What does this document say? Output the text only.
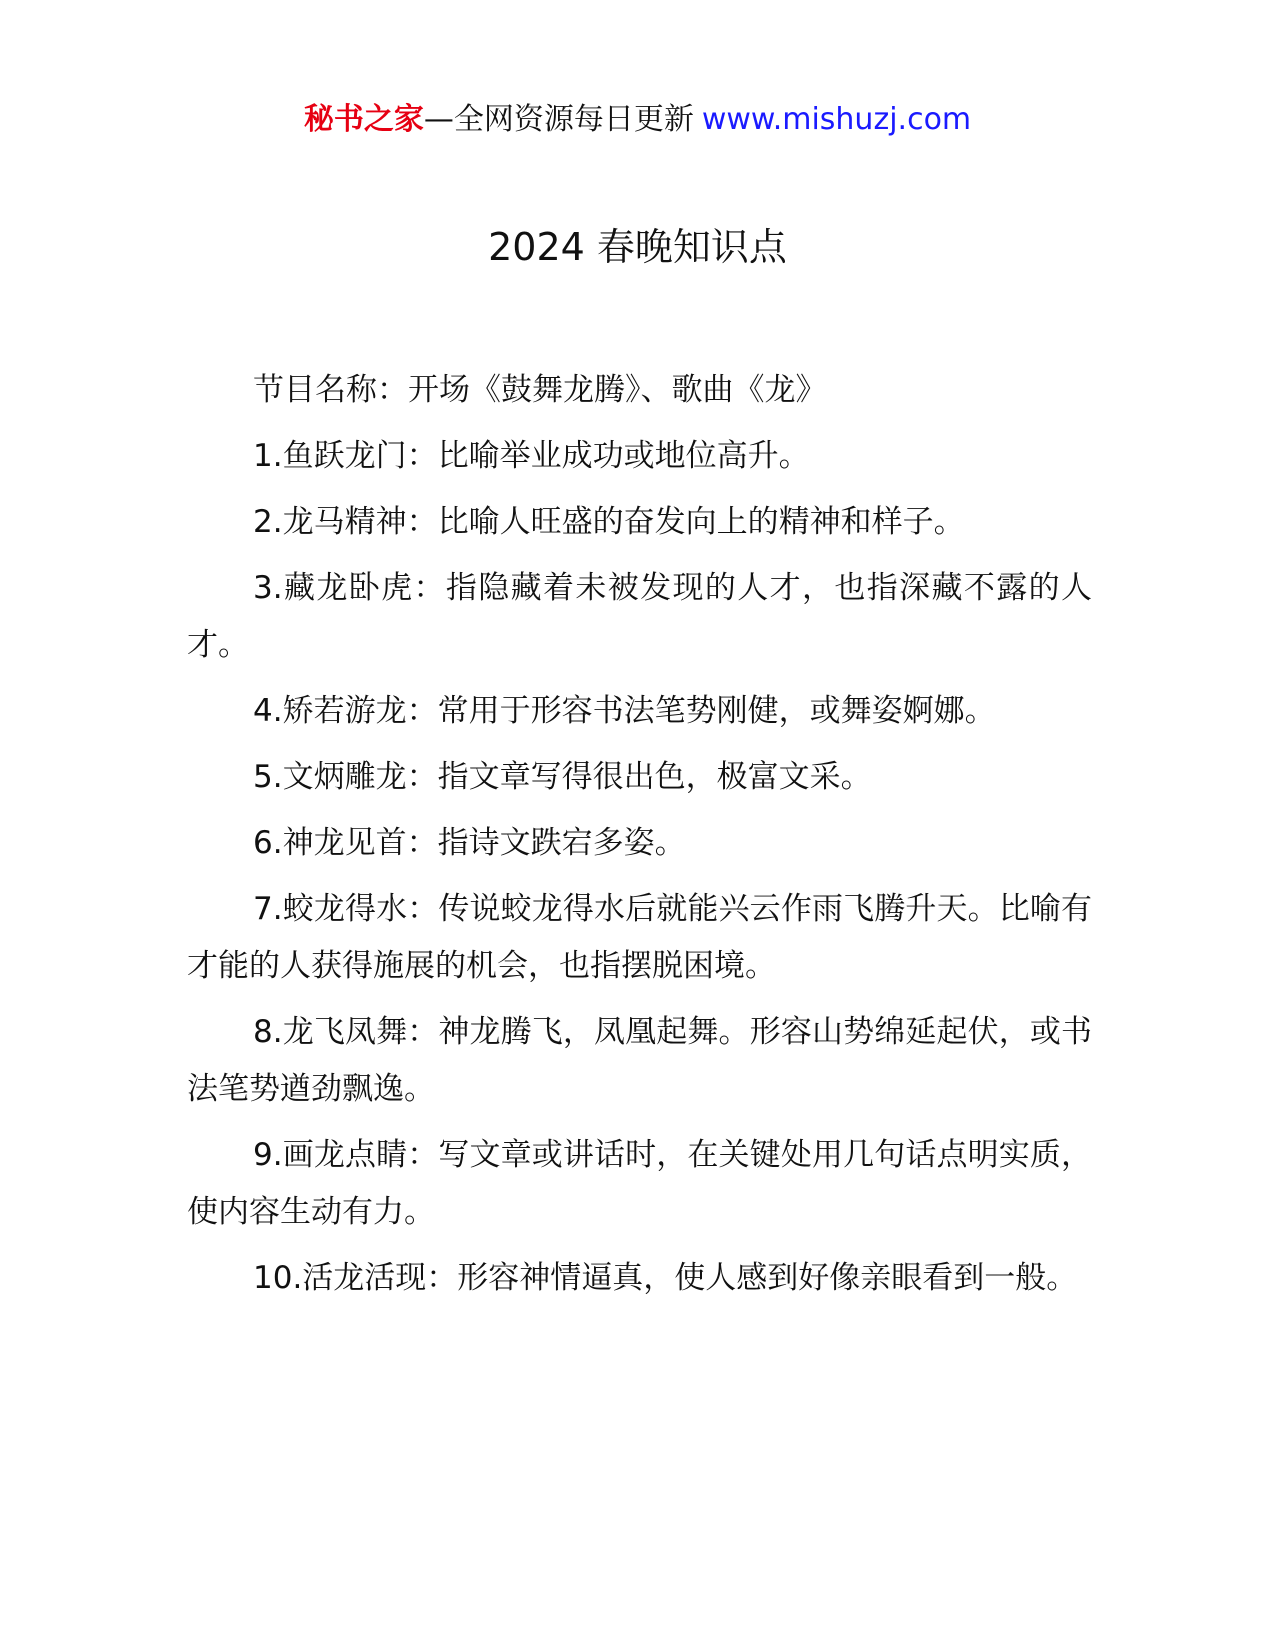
秘书之家—全网资源每日更新 www.mishuzj.com
2024 春晚知识点

节目名称：开场《鼓舞龙腾》、歌曲《龙》

1.鱼跃龙门：比喻举业成功或地位高升。

2.龙马精神：比喻人旺盛的奋发向上的精神和样子。

3.藏龙卧虎：指隐藏着未被发现的人才，也指深藏不露的人才。

4.矫若游龙：常用于形容书法笔势刚健，或舞姿婀娜。

5.文炳雕龙：指文章写得很出色，极富文采。

6.神龙见首：指诗文跌宕多姿。

7.蛟龙得水：传说蛟龙得水后就能兴云作雨飞腾升天。比喻有才能的人获得施展的机会，也指摆脱困境。

8.龙飞凤舞：神龙腾飞，凤凰起舞。形容山势绵延起伏，或书法笔势遒劲飘逸。

9.画龙点睛：写文章或讲话时，在关键处用几句话点明实质，使内容生动有力。

10.活龙活现：形容神情逼真，使人感到好像亲眼看到一般。
